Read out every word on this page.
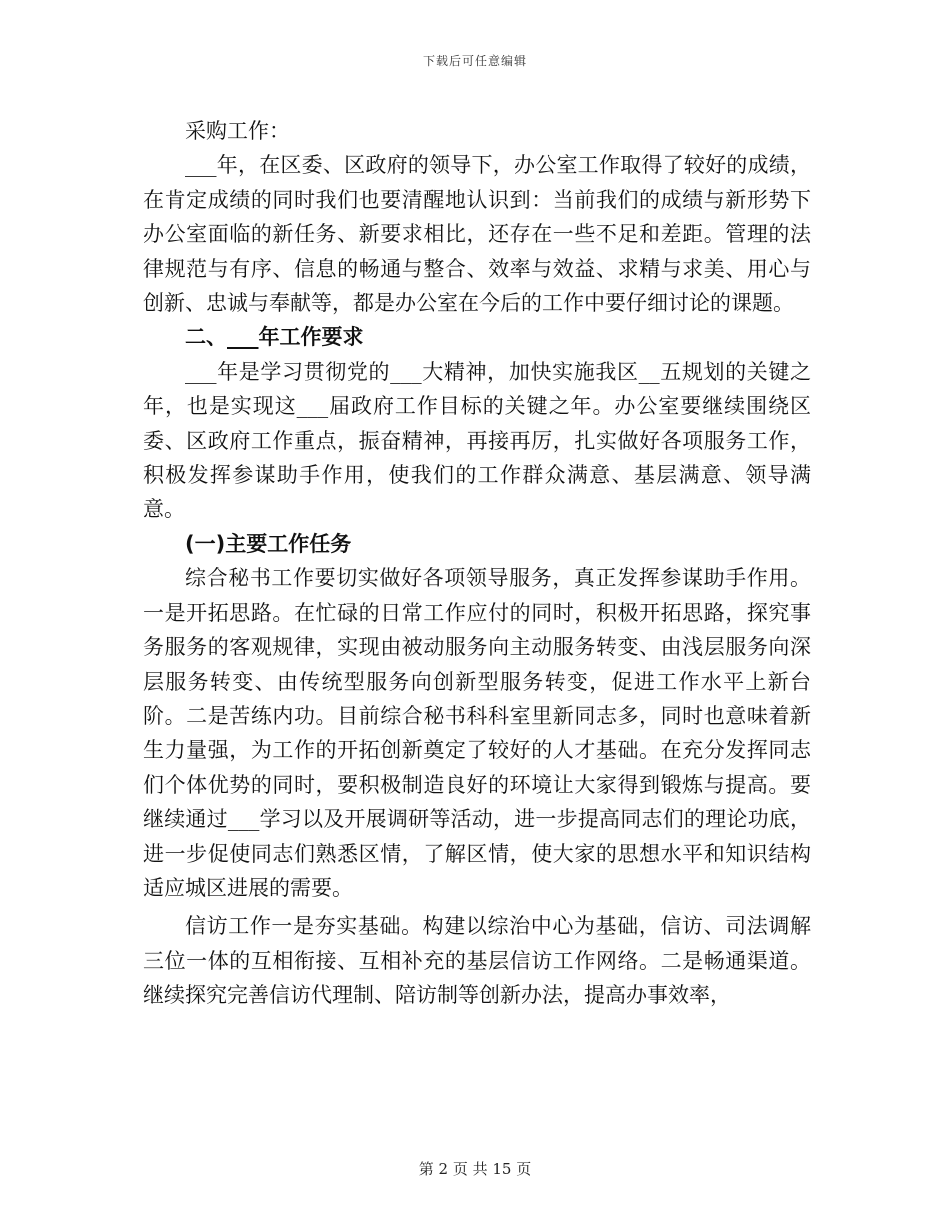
下载后可任意编辑

采购工作：

___年，在区委、区政府的领导下，办公室工作取得了较好的成绩，在肯定成绩的同时我们也要清醒地认识到：当前我们的成绩与新形势下办公室面临的新任务、新要求相比，还存在一些不足和差距。管理的法律规范与有序、信息的畅通与整合、效率与效益、求精与求美、用心与创新、忠诚与奉献等，都是办公室在今后的工作中要仔细讨论的课题。

二、___年工作要求

___年是学习贯彻党的___大精神，加快实施我区__五规划的关键之年，也是实现这___届政府工作目标的关键之年。办公室要继续围绕区委、区政府工作重点，振奋精神，再接再厉，扎实做好各项服务工作，积极发挥参谋助手作用，使我们的工作群众满意、基层满意、领导满意。

(一)主要工作任务

综合秘书工作要切实做好各项领导服务，真正发挥参谋助手作用。一是开拓思路。在忙碌的日常工作应付的同时，积极开拓思路，探究事务服务的客观规律，实现由被动服务向主动服务转变、由浅层服务向深层服务转变、由传统型服务向创新型服务转变，促进工作水平上新台阶。二是苦练内功。目前综合秘书科科室里新同志多，同时也意味着新生力量强，为工作的开拓创新奠定了较好的人才基础。在充分发挥同志们个体优势的同时，要积极制造良好的环境让大家得到锻炼与提高。要继续通过___学习以及开展调研等活动，进一步提高同志们的理论功底，进一步促使同志们熟悉区情，了解区情，使大家的思想水平和知识结构适应城区进展的需要。

信访工作一是夯实基础。构建以综治中心为基础，信访、司法调解三位一体的互相衔接、互相补充的基层信访工作网络。二是畅通渠道。继续探究完善信访代理制、陪访制等创新办法，提高办事效率，

第 2 页 共 15 页
